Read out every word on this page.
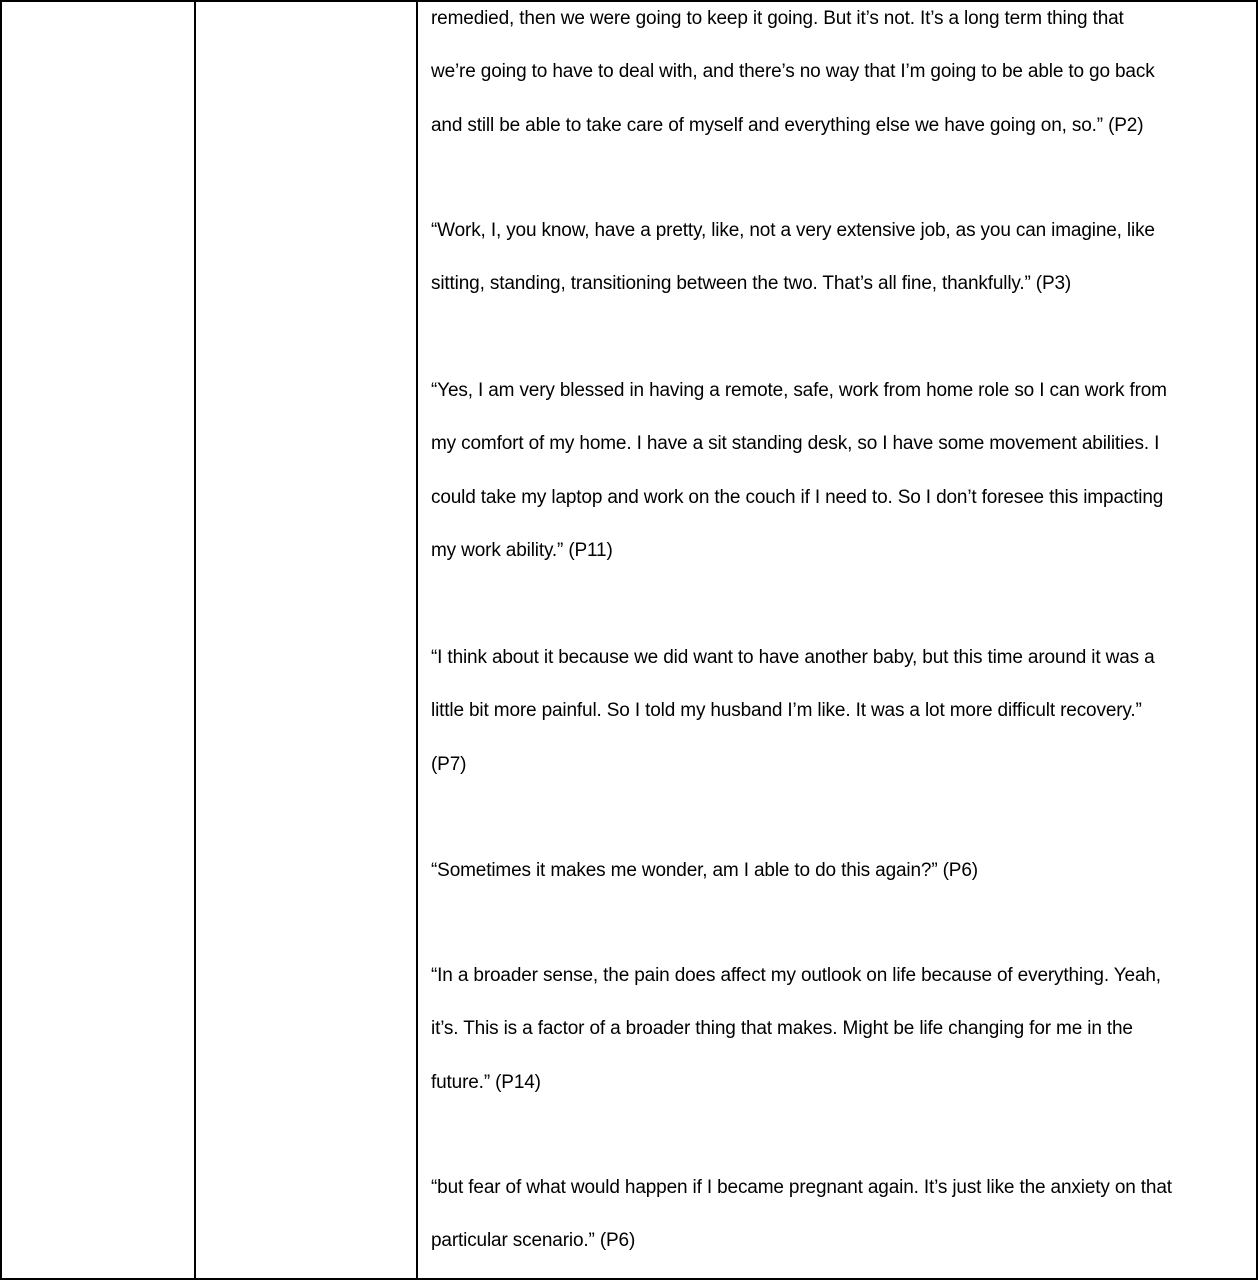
remedied, then we were going to keep it going. But it’s not. It’s a long term thing that
we’re going to have to deal with, and there’s no way that I’m going to be able to go back
and still be able to take care of myself and everything else we have going on, so.” (P2)

“Work, I, you know, have a pretty, like, not a very extensive job, as you can imagine, like
sitting, standing, transitioning between the two. That’s all fine, thankfully.” (P3)

“Yes, I am very blessed in having a remote, safe, work from home role so I can work from
my comfort of my home. I have a sit standing desk, so I have some movement abilities. I
could take my laptop and work on the couch if I need to. So I don’t foresee this impacting
my work ability.” (P11)

“I think about it because we did want to have another baby, but this time around it was a
little bit more painful. So I told my husband I’m like. It was a lot more difficult recovery.”
(P7)

“Sometimes it makes me wonder, am I able to do this again?” (P6)

“In a broader sense, the pain does affect my outlook on life because of everything. Yeah,
it’s. This is a factor of a broader thing that makes. Might be life changing for me in the
future.” (P14)

“but fear of what would happen if I became pregnant again. It’s just like the anxiety on that
particular scenario.” (P6)
